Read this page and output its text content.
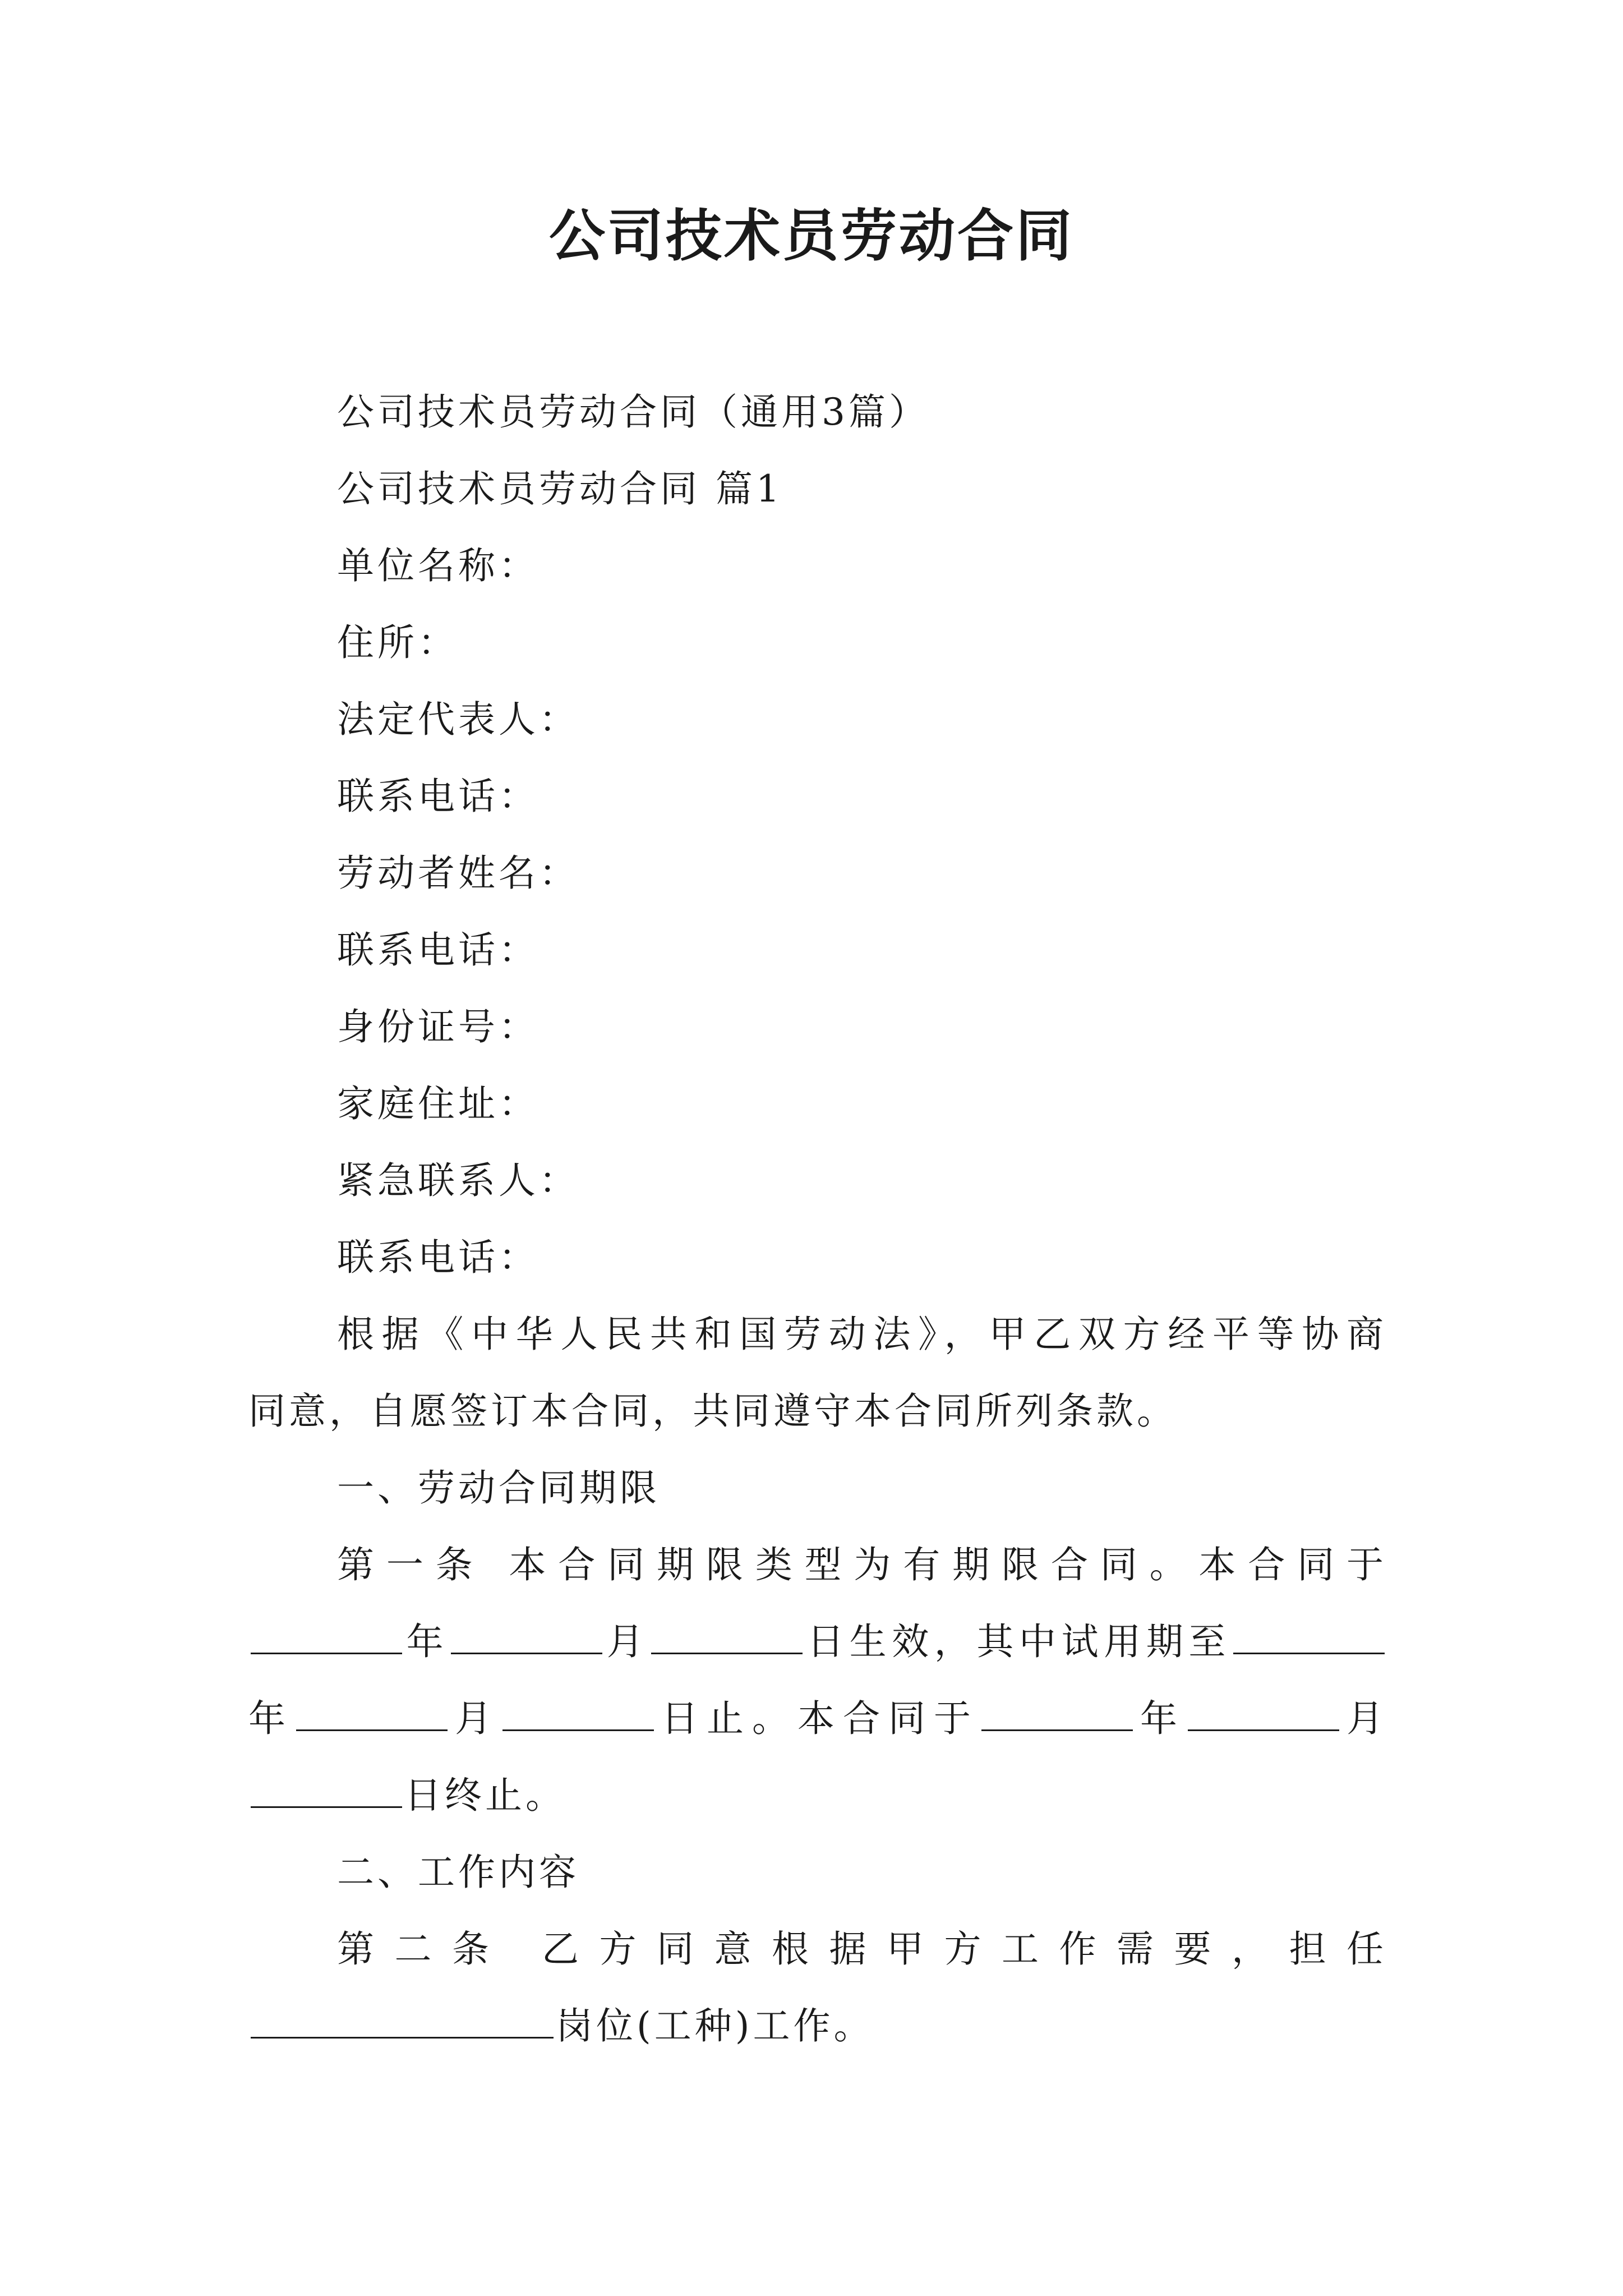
公司技术员劳动合同
公司技术员劳动合同（通用3篇）
公司技术员劳动合同 篇1
单位名称：
住所：
法定代表人：
联系电话：
劳动者姓名：
联系电话：
身份证号：
家庭住址：
紧急联系人：
联系电话：
根据《中华人民共和国劳动法》，甲乙双方经平等协商
同意，自愿签订本合同，共同遵守本合同所列条款。
一、劳动合同期限
第一条 本合同期限类型为有期限合同。本合同于
年	月	日生效，其中试用期至
年	月	日止。本合同于	年	月
日终止。
二、工作内容
第二条 乙方同意根据甲方工作需要，担任
岗位(工种)工作。
